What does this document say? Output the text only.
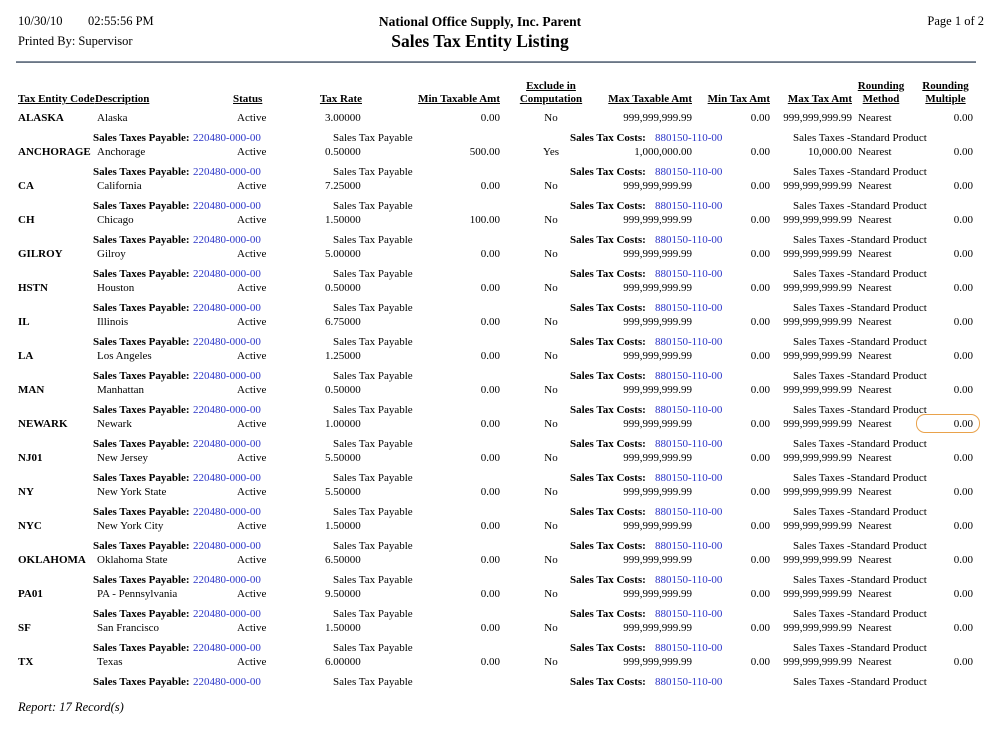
10/30/10 02:55:56 PM
Printed By: Supervisor
National Office Supply, Inc. Parent
Sales Tax Entity Listing
Page 1 of 2
Tax Entity Code Description	Status	Tax Rate	Min Taxable Amt
Exclude in
Computation	Max Taxable Amt	Min Tax Amt	Max Tax Amt
Rounding
Method
Rounding
Multiple
ALASKA	Alaska	Active	3.00000	0.00	No	999,999,999.99	0.00	999,999,999.99 Nearest	0.00
Sales Taxes Payable: 220480-000-00	Sales Tax Payable	Sales Tax Costs: 880150-110-00	Sales Taxes -Standard Product
ANCHORAGE Anchorage	Active	0.50000	500.00	Yes	1,000,000.00	0.00	10,000.00 Nearest	0.00
Sales Taxes Payable: 220480-000-00	Sales Tax Payable	Sales Tax Costs: 880150-110-00	Sales Taxes -Standard Product
CA	California	Active	7.25000	0.00	No	999,999,999.99	0.00	999,999,999.99 Nearest	0.00
Sales Taxes Payable: 220480-000-00	Sales Tax Payable	Sales Tax Costs: 880150-110-00	Sales Taxes -Standard Product
CH	Chicago	Active	1.50000	100.00	No	999,999,999.99	0.00	999,999,999.99 Nearest	0.00
Sales Taxes Payable: 220480-000-00	Sales Tax Payable	Sales Tax Costs: 880150-110-00	Sales Taxes -Standard Product
GILROY	Gilroy	Active	5.00000	0.00	No	999,999,999.99	0.00	999,999,999.99 Nearest	0.00
Sales Taxes Payable: 220480-000-00	Sales Tax Payable	Sales Tax Costs: 880150-110-00	Sales Taxes -Standard Product
HSTN	Houston	Active	0.50000	0.00	No	999,999,999.99	0.00	999,999,999.99 Nearest	0.00
Sales Taxes Payable: 220480-000-00	Sales Tax Payable	Sales Tax Costs: 880150-110-00	Sales Taxes -Standard Product
IL	Illinois	Active	6.75000	0.00	No	999,999,999.99	0.00	999,999,999.99 Nearest	0.00
Sales Taxes Payable: 220480-000-00	Sales Tax Payable	Sales Tax Costs: 880150-110-00	Sales Taxes -Standard Product
LA	Los Angeles	Active	1.25000	0.00	No	999,999,999.99	0.00	999,999,999.99 Nearest	0.00
Sales Taxes Payable: 220480-000-00	Sales Tax Payable	Sales Tax Costs: 880150-110-00	Sales Taxes -Standard Product
MAN	Manhattan	Active	0.50000	0.00	No	999,999,999.99	0.00	999,999,999.99 Nearest	0.00
Sales Taxes Payable: 220480-000-00	Sales Tax Payable	Sales Tax Costs: 880150-110-00	Sales Taxes -Standard Product
NEWARK	Newark	Active	1.00000	0.00	No	999,999,999.99	0.00	999,999,999.99 Nearest	0.00
Sales Taxes Payable: 220480-000-00	Sales Tax Payable	Sales Tax Costs: 880150-110-00	Sales Taxes -Standard Product
NJ01	New Jersey	Active	5.50000	0.00	No	999,999,999.99	0.00	999,999,999.99 Nearest	0.00
Sales Taxes Payable: 220480-000-00	Sales Tax Payable	Sales Tax Costs: 880150-110-00	Sales Taxes -Standard Product
NY	New York State	Active	5.50000	0.00	No	999,999,999.99	0.00	999,999,999.99 Nearest	0.00
Sales Taxes Payable: 220480-000-00	Sales Tax Payable	Sales Tax Costs: 880150-110-00	Sales Taxes -Standard Product
NYC	New York City	Active	1.50000	0.00	No	999,999,999.99	0.00	999,999,999.99 Nearest	0.00
Sales Taxes Payable: 220480-000-00	Sales Tax Payable	Sales Tax Costs: 880150-110-00	Sales Taxes -Standard Product
OKLAHOMA Oklahoma State	Active	6.50000	0.00	No	999,999,999.99	0.00	999,999,999.99 Nearest	0.00
Sales Taxes Payable: 220480-000-00	Sales Tax Payable	Sales Tax Costs: 880150-110-00	Sales Taxes -Standard Product
PA01	PA - Pennsylvania	Active	9.50000	0.00	No	999,999,999.99	0.00	999,999,999.99 Nearest	0.00
Sales Taxes Payable: 220480-000-00	Sales Tax Payable	Sales Tax Costs: 880150-110-00	Sales Taxes -Standard Product
SF	San Francisco	Active	1.50000	0.00	No	999,999,999.99	0.00	999,999,999.99 Nearest	0.00
Sales Taxes Payable: 220480-000-00	Sales Tax Payable	Sales Tax Costs: 880150-110-00	Sales Taxes -Standard Product
TX	Texas	Active	6.00000	0.00	No	999,999,999.99	0.00	999,999,999.99 Nearest	0.00
Sales Taxes Payable: 220480-000-00	Sales Tax Payable	Sales Tax Costs: 880150-110-00	Sales Taxes -Standard Product
Report: 17 Record(s)
